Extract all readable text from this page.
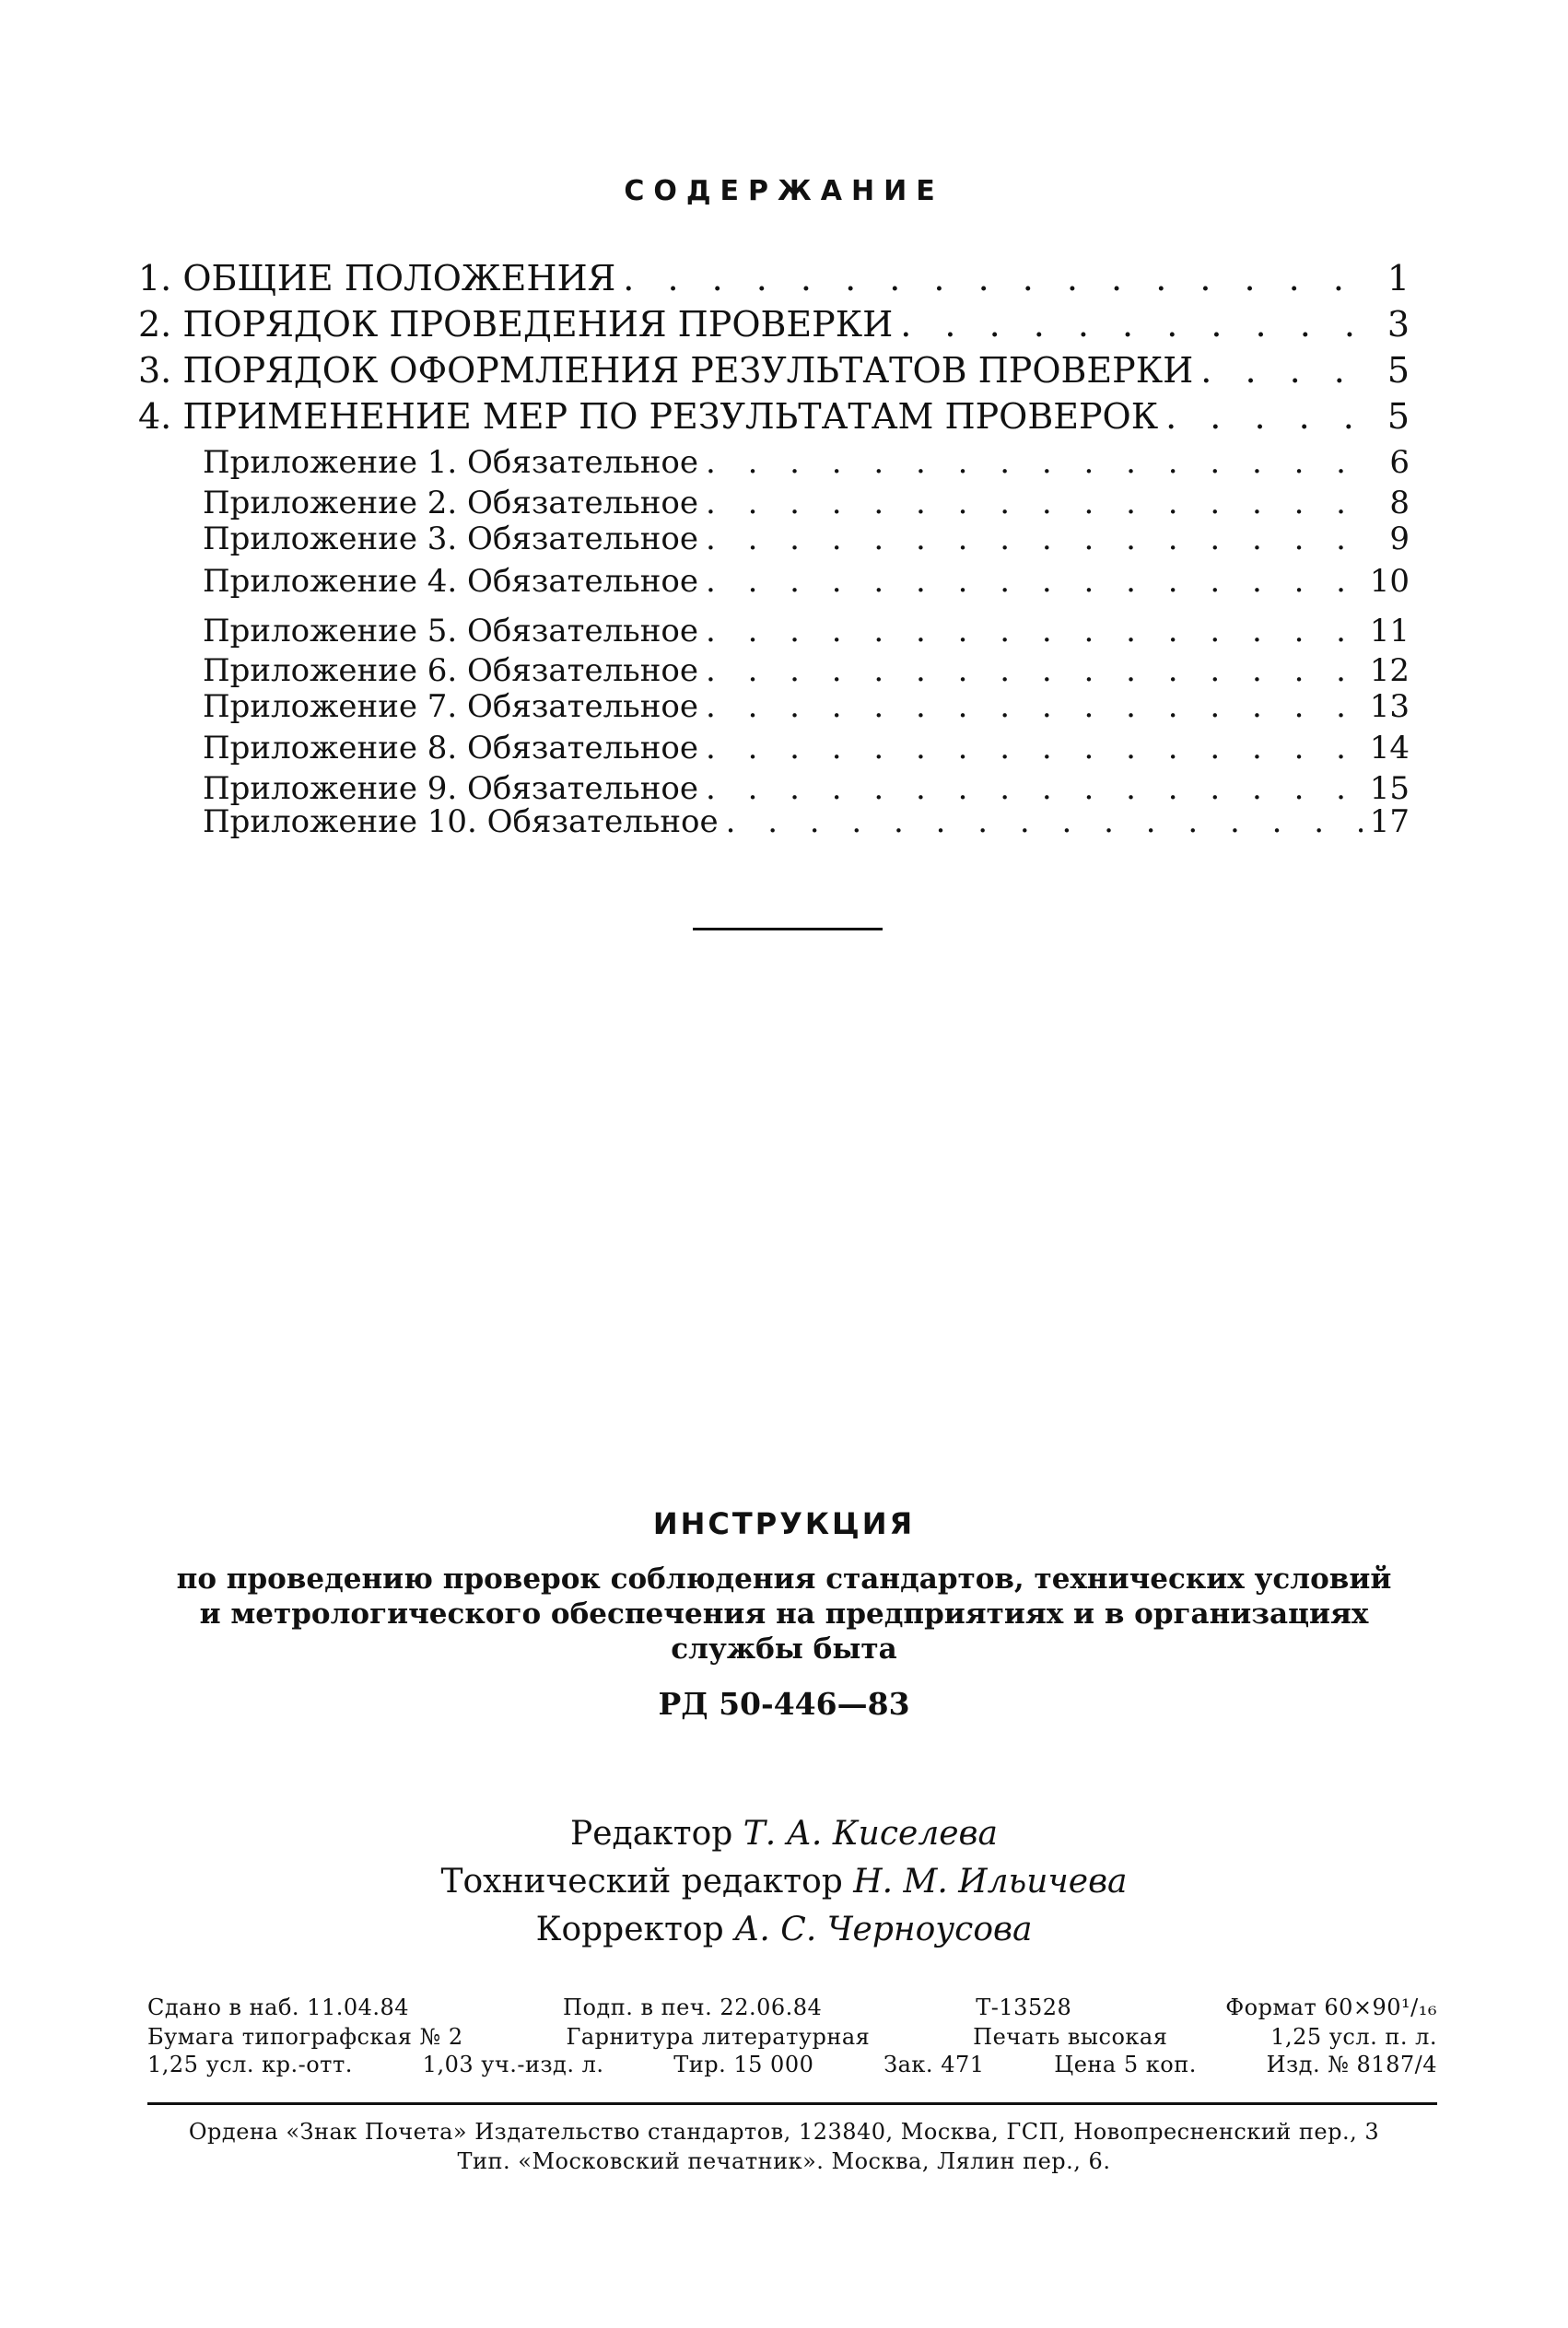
СОДЕРЖАНИЕ
1. ОБЩИЕ ПОЛОЖЕНИЯ . . .	1
2. ПОРЯДОК ПРОВЕДЕНИЯ ПРОВЕРКИ . . .	3
3. ПОРЯДОК ОФОРМЛЕНИЯ РЕЗУЛЬТАТОВ ПРОВЕРКИ . . .	5
4. ПРИМЕНЕНИЕ МЕР ПО РЕЗУЛЬТАТАМ ПРОВЕРОК . . .	5
Приложение 1. Обязательное . . .	6
Приложение 2. Обязательное . . .	8
Приложение 3. Обязательное . . .	9
Приложение 4. Обязательное . . .	10
Приложение 5. Обязательное . . .	11
Приложение 6. Обязательное . . .	12
Приложение 7. Обязательное . . .	13
Приложение 8. Обязательное . . .	14
Приложение 9. Обязательное . . .	15
Приложение 10. Обязательное . . .	17
ИНСТРУКЦИЯ
по проведению проверок соблюдения стандартов, технических условий
и метрологического обеспечения на предприятиях и в организациях
службы быта
РД 50-446—83
Редактор Т. А. Киселева
Тохнический редактор Н. М. Ильичева
Корректор А. С. Черноусова
Сдано в наб. 11.04.84	Подп. в печ. 22.06.84	Т-13528	Формат 60×90¹/₁₆
Бумага типографская № 2	Гарнитура литературная	Печать высокая	1,25 усл. п. л.
1,25 усл. кр.-отт.	1,03 уч.-изд. л.	Тир. 15 000	Зак. 471	Цена 5 коп.	Изд. № 8187/4
Ордена «Знак Почета» Издательство стандартов, 123840, Москва, ГСП, Новопресненский пер., 3
Тип. «Московский печатник». Москва, Лялин пер., 6.
